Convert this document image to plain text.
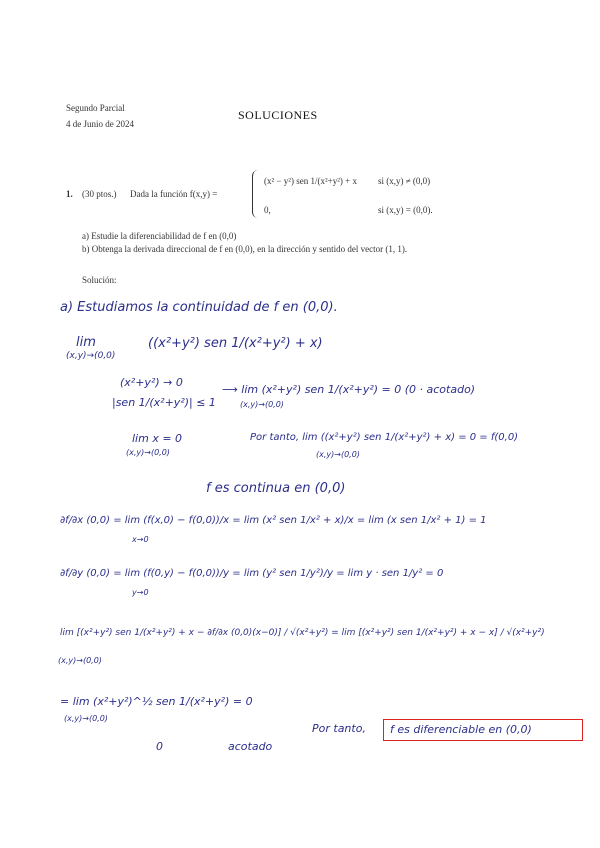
Segundo Parcial
4 de Junio de 2024
SOLUCIONES
1. (30 ptos.) Dada la función f(x,y) =
(x² − y²) sen 1/(x²+y²) + x si (x,y) ≠ (0,0)
0,	si (x,y) = (0,0).
a) Estudie la diferenciabilidad de f en (0,0)
b) Obtenga la derivada direccional de f en (0,0), en la dirección y sentido del vector (1, 1).
Solución:
a) Estudiamos la continuidad de f en (0,0).
lim
(x,y)→(0,0)
((x²+y²) sen 1/(x²+y²) + x)
(x²+y²) → 0
|sen 1/(x²+y²)| ≤ 1
⟶ lim (x²+y²) sen 1/(x²+y²) = 0 (0 · acotado)
(x,y)→(0,0)
lim x = 0
(x,y)→(0,0)
Por tanto, lim ((x²+y²) sen 1/(x²+y²) + x) = 0 = f(0,0)
(x,y)→(0,0)
f es continua en (0,0)
∂f/∂x (0,0) = lim (f(x,0) − f(0,0))/x = lim (x² sen 1/x² + x)/x = lim (x sen 1/x² + 1) = 1
x→0
∂f/∂y (0,0) = lim (f(0,y) − f(0,0))/y = lim (y² sen 1/y²)/y = lim y · sen 1/y² = 0
y→0
lim [(x²+y²) sen 1/(x²+y²) + x − ∂f/∂x (0,0)(x−0)] / √(x²+y²) = lim [(x²+y²) sen 1/(x²+y²) + x − x] / √(x²+y²)
(x,y)→(0,0)
= lim (x²+y²)^½ sen 1/(x²+y²) = 0
(x,y)→(0,0)
0	acotado
Por tanto, f es diferenciable en (0,0)
